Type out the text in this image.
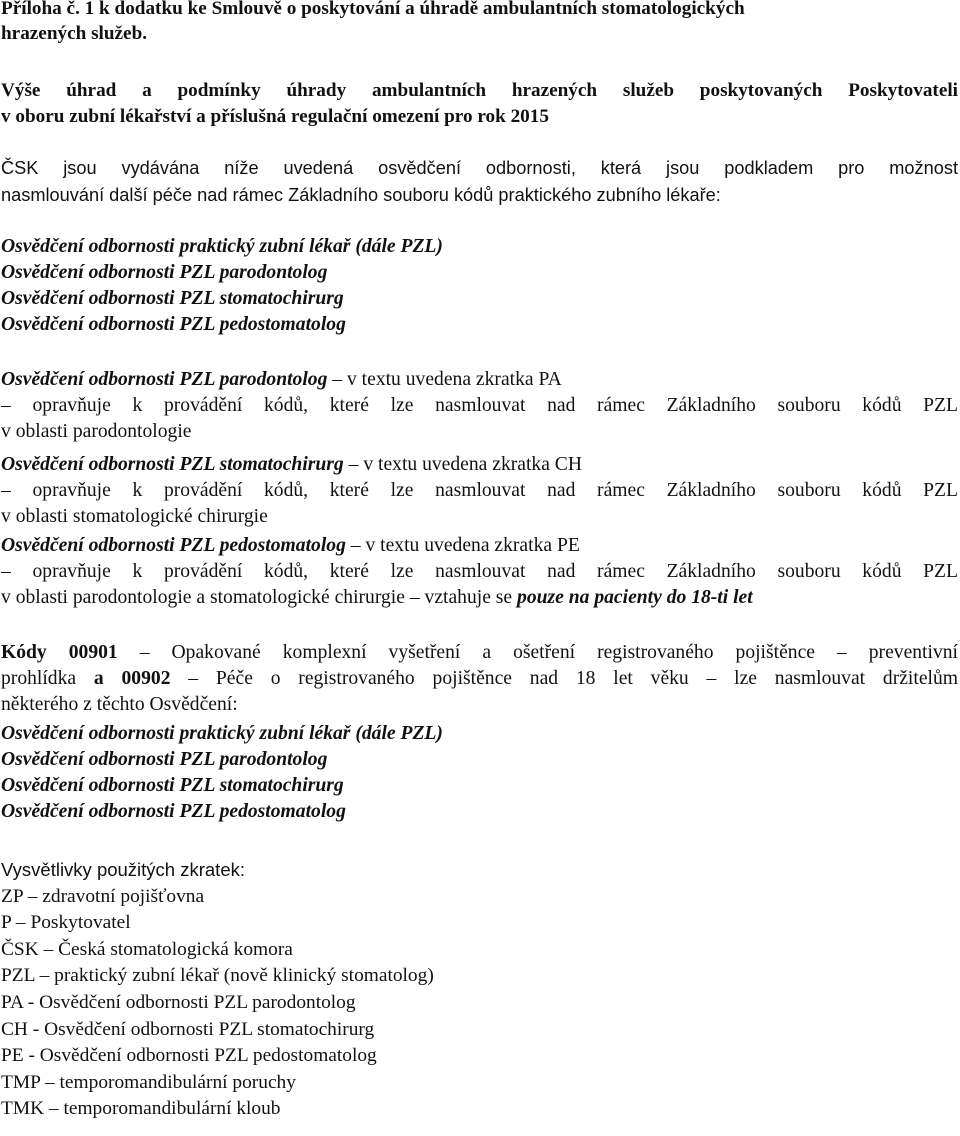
Příloha č. 1 k dodatku ke Smlouvě o poskytování a úhradě ambulantních stomatologických
hrazených služeb.
Výše úhrad a podmínky úhrady ambulantních hrazených služeb poskytovaných Poskytovateli
v oboru zubní lékařství a příslušná regulační omezení pro rok 2015
ČSK jsou vydávána níže uvedená osvědčení odbornosti, která jsou podkladem pro možnost
nasmlouvání další péče nad rámec Základního souboru kódů praktického zubního lékaře:
Osvědčení odbornosti praktický zubní lékař (dále PZL)
Osvědčení odbornosti PZL parodontolog
Osvědčení odbornosti PZL stomatochirurg
Osvědčení odbornosti PZL pedostomatolog
Osvědčení odbornosti PZL parodontolog – v textu uvedena zkratka PA
– opravňuje k provádění kódů, které lze nasmlouvat nad rámec Základního souboru kódů PZL
v oblasti parodontologie
Osvědčení odbornosti PZL stomatochirurg – v textu uvedena zkratka CH
– opravňuje k provádění kódů, které lze nasmlouvat nad rámec Základního souboru kódů PZL
v oblasti stomatologické chirurgie
Osvědčení odbornosti PZL pedostomatolog – v textu uvedena zkratka PE
– opravňuje k provádění kódů, které lze nasmlouvat nad rámec Základního souboru kódů PZL
v oblasti parodontologie a stomatologické chirurgie – vztahuje se pouze na pacienty do 18-ti let
Kódy 00901 – Opakované komplexní vyšetření a ošetření registrovaného pojištěnce – preventivní
prohlídka a 00902 – Péče o registrovaného pojištěnce nad 18 let věku – lze nasmlouvat držitelům
některého z těchto Osvědčení:
Osvědčení odbornosti praktický zubní lékař (dále PZL)
Osvědčení odbornosti PZL parodontolog
Osvědčení odbornosti PZL stomatochirurg
Osvědčení odbornosti PZL pedostomatolog
Vysvětlivky použitých zkratek:
ZP – zdravotní pojišťovna
P – Poskytovatel
ČSK – Česká stomatologická komora
PZL – praktický zubní lékař (nově klinický stomatolog)
PA - Osvědčení odbornosti PZL parodontolog
CH - Osvědčení odbornosti PZL stomatochirurg
PE - Osvědčení odbornosti PZL pedostomatolog
TMP – temporomandibulární poruchy
TMK – temporomandibulární kloub
